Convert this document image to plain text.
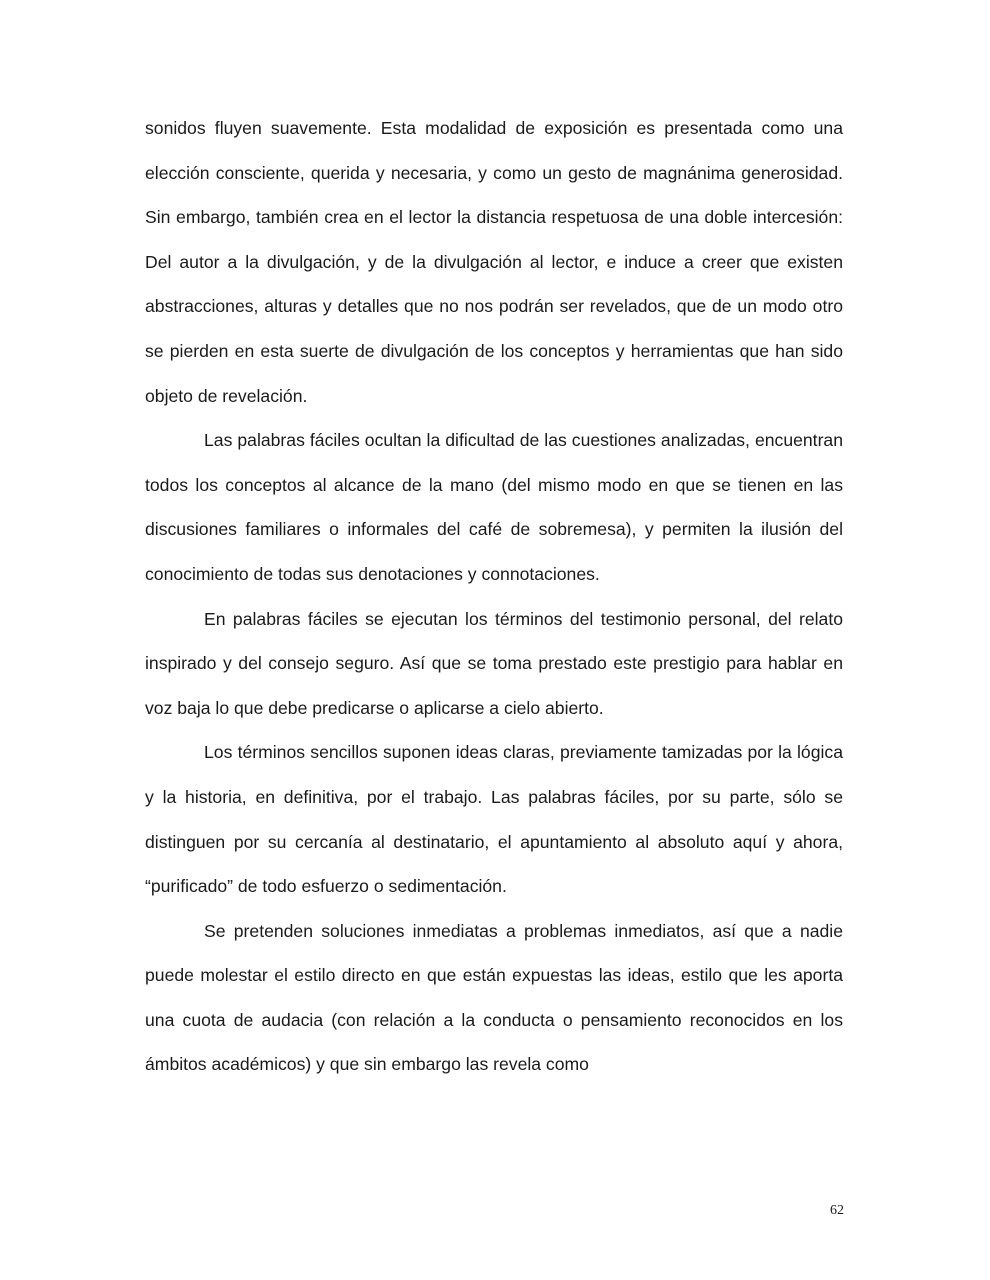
sonidos fluyen suavemente. Esta modalidad de exposición es presentada como una elección consciente, querida y necesaria, y como un gesto de magnánima generosidad. Sin embargo, también crea en el lector la distancia respetuosa de una doble intercesión: Del autor a la divulgación, y de la divulgación al lector, e induce a creer que existen abstracciones, alturas y detalles que no nos podrán ser revelados, que de un modo otro se pierden en esta suerte de divulgación de los conceptos y herramientas que han sido objeto de revelación.

Las palabras fáciles ocultan la dificultad de las cuestiones analizadas, encuentran todos los conceptos al alcance de la mano (del mismo modo en que se tienen en las discusiones familiares o informales del café de sobremesa), y permiten la ilusión del conocimiento de todas sus denotaciones y connotaciones.

En palabras fáciles se ejecutan los términos del testimonio personal, del relato inspirado y del consejo seguro. Así que se toma prestado este prestigio para hablar en voz baja lo que debe predicarse o aplicarse a cielo abierto.

Los términos sencillos suponen ideas claras, previamente tamizadas por la lógica y la historia, en definitiva, por el trabajo. Las palabras fáciles, por su parte, sólo se distinguen por su cercanía al destinatario, el apuntamiento al absoluto aquí y ahora, “purificado” de todo esfuerzo o sedimentación.

Se pretenden soluciones inmediatas a problemas inmediatos, así que a nadie puede molestar el estilo directo en que están expuestas las ideas, estilo que les aporta una cuota de audacia (con relación a la conducta o pensamiento reconocidos en los ámbitos académicos) y que sin embargo las revela como

62
